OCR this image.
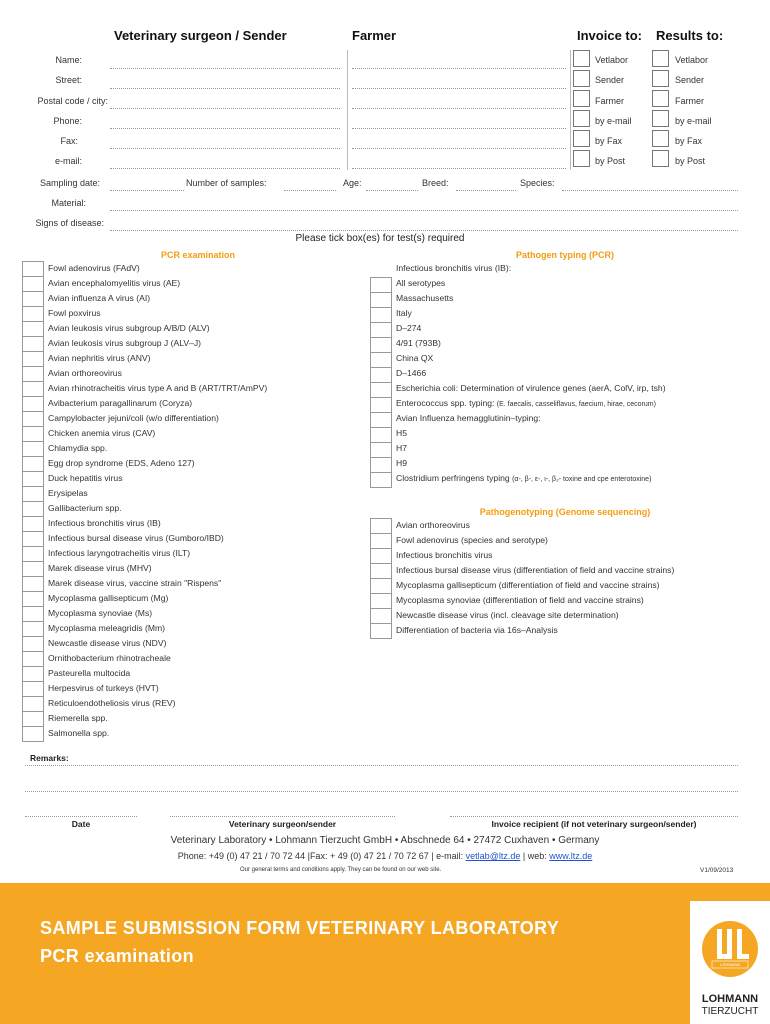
Veterinary surgeon / Sender	Farmer	Invoice to: Results to:
Name:
Street:
Postal code / city:
Phone:
Fax:
e-mail:
Vetlabor
Sender
Farmer
by e-mail
by Fax
by Post
Vetlabor
Sender
Farmer
by e-mail
by Fax
by Post
Sampling date:	Number of samples:	Age:	Breed:	Species:
Material:
Signs of disease:
Please tick box(es) for test(s) required
PCR examination	Pathogen typing (PCR)
Pathogenotyping (Genome sequencing)
Fowl adenovirus (FAdV)
Avian encephalomyelitis virus (AE)
Avian influenza A virus (AI)
Fowl poxvirus
Avian leukosis virus subgroup A/B/D (ALV)
Avian leukosis virus subgroup J (ALV–J)
Avian nephritis virus (ANV)
Avian orthoreovirus
Avian rhinotracheitis virus type A and B (ART/TRT/AmPV)
Avibacterium paragallinarum (Coryza)
Campylobacter jejuni/coli (w/o differentiation)
Chicken anemia virus (CAV)
Chlamydia spp.
Egg drop syndrome (EDS, Adeno 127)
Duck hepatitis virus
Erysipelas
Gallibacterium spp.
Infectious bronchitis virus (IB)
Infectious bursal disease virus (Gumboro/IBD)
Infectious laryngotracheitis virus (ILT)
Marek disease virus (MHV)
Marek disease virus, vaccine strain "Rispens"
Mycoplasma gallisepticum (Mg)
Mycoplasma synoviae (Ms)
Mycoplasma meleagridis (Mm)
Newcastle disease virus (NDV)
Ornithobacterium rhinotracheale
Pasteurella multocida
Herpesvirus of turkeys (HVT)
Reticuloendotheliosis virus (REV)
Riemerella spp.
Salmonella spp.
Infectious bronchitis virus (IB):
All serotypes
Massachusetts
Italy
D–274
4/91 (793B)
China QX
D–1466
Escherichia coli: Determination of virulence genes (aerA, ColV, irp, tsh)
Enterococcus spp. typing: (E. faecalis, casseliflavus, faecium, hirae, cecorum)
Avian Influenza hemagglutinin–typing:
H5
H7
H9
Clostridium perfringens typing (α-, β-, ε-, ι-, β₂- toxine and cpe enterotoxine)
Avian orthoreovirus
Fowl adenovirus (species and serotype)
Infectious bronchitis virus
Infectious bursal disease virus (differentiation of field and vaccine strains)
Mycoplasma gallisepticum (differentiation of field and vaccine strains)
Mycoplasma synoviae (differentiation of field and vaccine strains)
Newcastle disease virus (incl. cleavage site determination)
Differentiation of bacteria via 16s–Analysis
Remarks:
Date	Veterinary surgeon/sender	Invoice recipient (if not veterinary surgeon/sender)
Veterinary Laboratory • Lohmann Tierzucht GmbH • Abschnede 64 • 27472 Cuxhaven • Germany
Phone: +49 (0) 47 21 / 70 72 44 |Fax: + 49 (0) 47 21 / 70 72 67 | e-mail: vetlab@ltz.de | web: www.ltz.de
Our general terms and conditions apply. They can be found on our web site.	V1/09/2013
SAMPLE SUBMISSION FORM VETERINARY LABORATORY
PCR examination	LOHMANN
LOHMANN
TIERZUCHT
